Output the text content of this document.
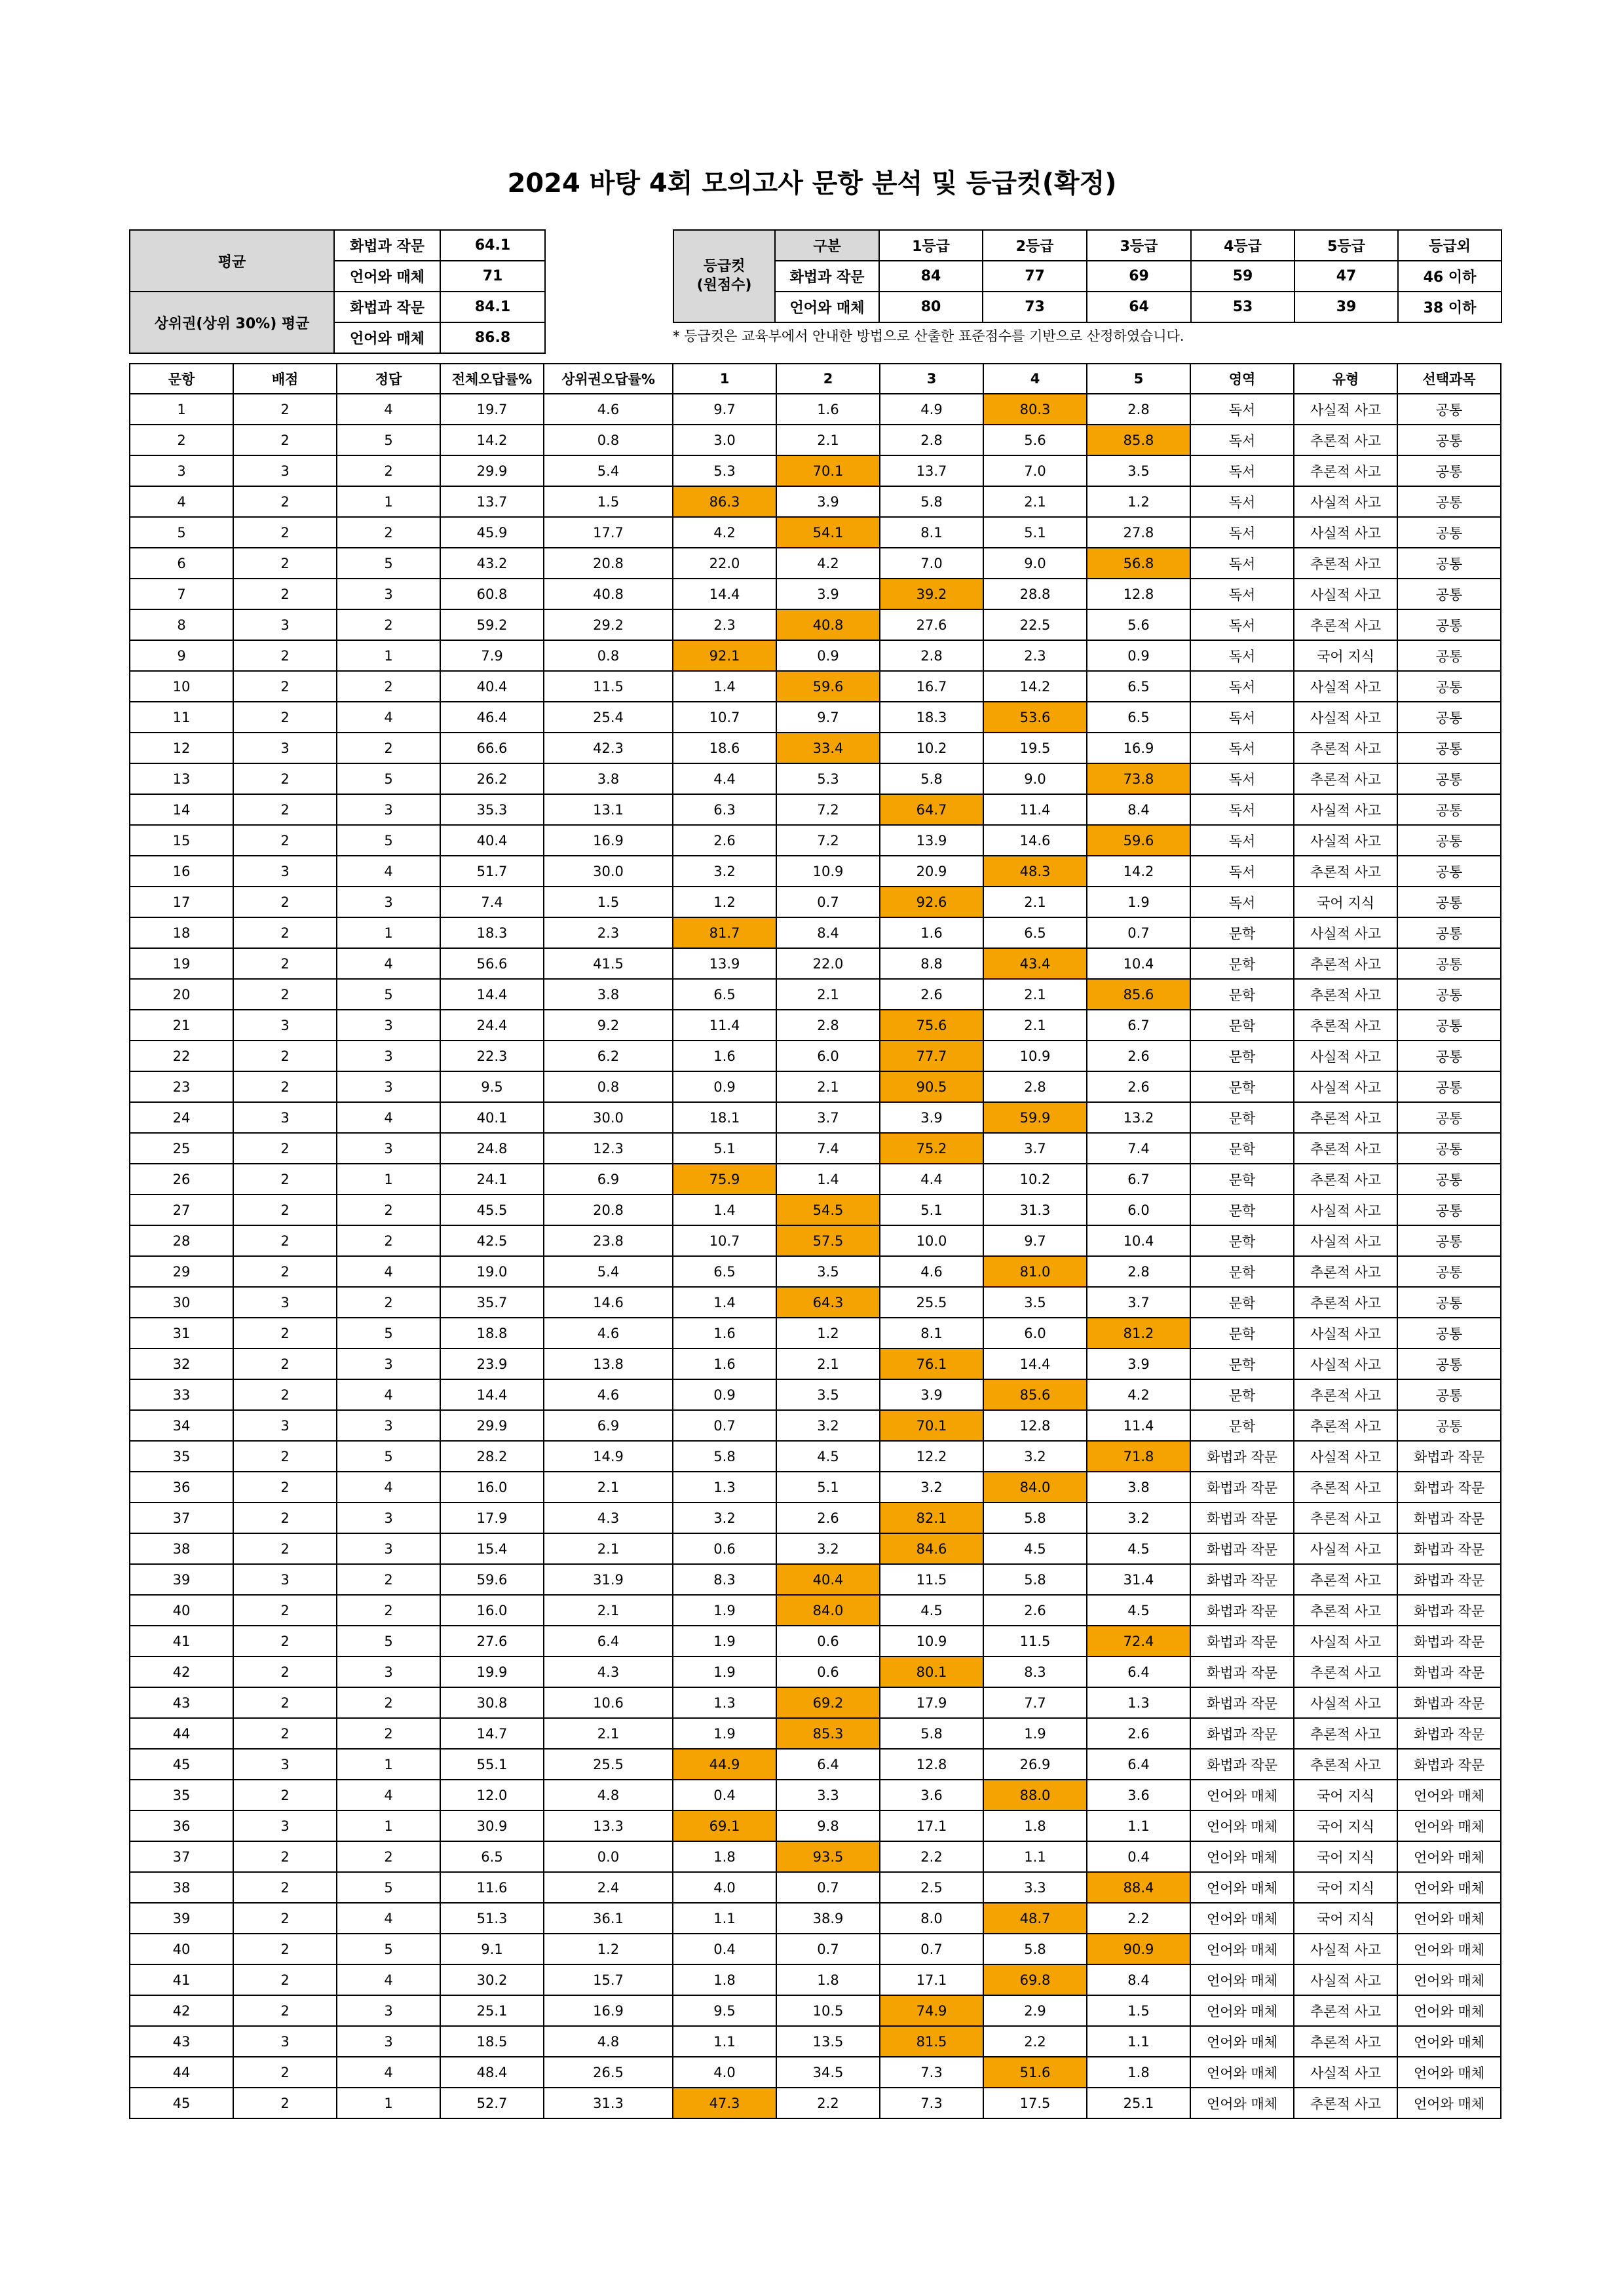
2024 바탕 4회 모의고사 문항 분석 및 등급컷(확정)
평균	화법과 작문	64.1
	언어와 매체	71
상위권(상위 30%) 평균	화법과 작문	84.1
	언어와 매체	86.8
등급컷
(원점수)	구분	1등급	2등급	3등급	4등급	5등급	등급외
	화법과 작문	84	77	69	59	47	46 이하
	언어와 매체	80	73	64	53	39	38 이하
* 등급컷은 교육부에서 안내한 방법으로 산출한 표준점수를 기반으로 산정하였습니다.
문항	배점	정답	전체오답률%	상위권오답률%	1	2	3	4	5	영역	유형	선택과목
1	2	4	19.7	4.6	9.7	1.6	4.9	80.3	2.8	독서	사실적 사고	공통
2	2	5	14.2	0.8	3.0	2.1	2.8	5.6	85.8	독서	추론적 사고	공통
3	3	2	29.9	5.4	5.3	70.1	13.7	7.0	3.5	독서	추론적 사고	공통
4	2	1	13.7	1.5	86.3	3.9	5.8	2.1	1.2	독서	사실적 사고	공통
5	2	2	45.9	17.7	4.2	54.1	8.1	5.1	27.8	독서	사실적 사고	공통
6	2	5	43.2	20.8	22.0	4.2	7.0	9.0	56.8	독서	추론적 사고	공통
7	2	3	60.8	40.8	14.4	3.9	39.2	28.8	12.8	독서	사실적 사고	공통
8	3	2	59.2	29.2	2.3	40.8	27.6	22.5	5.6	독서	추론적 사고	공통
9	2	1	7.9	0.8	92.1	0.9	2.8	2.3	0.9	독서	국어 지식	공통
10	2	2	40.4	11.5	1.4	59.6	16.7	14.2	6.5	독서	사실적 사고	공통
11	2	4	46.4	25.4	10.7	9.7	18.3	53.6	6.5	독서	사실적 사고	공통
12	3	2	66.6	42.3	18.6	33.4	10.2	19.5	16.9	독서	추론적 사고	공통
13	2	5	26.2	3.8	4.4	5.3	5.8	9.0	73.8	독서	추론적 사고	공통
14	2	3	35.3	13.1	6.3	7.2	64.7	11.4	8.4	독서	사실적 사고	공통
15	2	5	40.4	16.9	2.6	7.2	13.9	14.6	59.6	독서	사실적 사고	공통
16	3	4	51.7	30.0	3.2	10.9	20.9	48.3	14.2	독서	추론적 사고	공통
17	2	3	7.4	1.5	1.2	0.7	92.6	2.1	1.9	독서	국어 지식	공통
18	2	1	18.3	2.3	81.7	8.4	1.6	6.5	0.7	문학	사실적 사고	공통
19	2	4	56.6	41.5	13.9	22.0	8.8	43.4	10.4	문학	추론적 사고	공통
20	2	5	14.4	3.8	6.5	2.1	2.6	2.1	85.6	문학	추론적 사고	공통
21	3	3	24.4	9.2	11.4	2.8	75.6	2.1	6.7	문학	추론적 사고	공통
22	2	3	22.3	6.2	1.6	6.0	77.7	10.9	2.6	문학	사실적 사고	공통
23	2	3	9.5	0.8	0.9	2.1	90.5	2.8	2.6	문학	사실적 사고	공통
24	3	4	40.1	30.0	18.1	3.7	3.9	59.9	13.2	문학	추론적 사고	공통
25	2	3	24.8	12.3	5.1	7.4	75.2	3.7	7.4	문학	추론적 사고	공통
26	2	1	24.1	6.9	75.9	1.4	4.4	10.2	6.7	문학	추론적 사고	공통
27	2	2	45.5	20.8	1.4	54.5	5.1	31.3	6.0	문학	사실적 사고	공통
28	2	2	42.5	23.8	10.7	57.5	10.0	9.7	10.4	문학	사실적 사고	공통
29	2	4	19.0	5.4	6.5	3.5	4.6	81.0	2.8	문학	추론적 사고	공통
30	3	2	35.7	14.6	1.4	64.3	25.5	3.5	3.7	문학	추론적 사고	공통
31	2	5	18.8	4.6	1.6	1.2	8.1	6.0	81.2	문학	사실적 사고	공통
32	2	3	23.9	13.8	1.6	2.1	76.1	14.4	3.9	문학	사실적 사고	공통
33	2	4	14.4	4.6	0.9	3.5	3.9	85.6	4.2	문학	추론적 사고	공통
34	3	3	29.9	6.9	0.7	3.2	70.1	12.8	11.4	문학	추론적 사고	공통
35	2	5	28.2	14.9	5.8	4.5	12.2	3.2	71.8	화법과 작문	사실적 사고	화법과 작문
36	2	4	16.0	2.1	1.3	5.1	3.2	84.0	3.8	화법과 작문	추론적 사고	화법과 작문
37	2	3	17.9	4.3	3.2	2.6	82.1	5.8	3.2	화법과 작문	추론적 사고	화법과 작문
38	2	3	15.4	2.1	0.6	3.2	84.6	4.5	4.5	화법과 작문	사실적 사고	화법과 작문
39	3	2	59.6	31.9	8.3	40.4	11.5	5.8	31.4	화법과 작문	추론적 사고	화법과 작문
40	2	2	16.0	2.1	1.9	84.0	4.5	2.6	4.5	화법과 작문	추론적 사고	화법과 작문
41	2	5	27.6	6.4	1.9	0.6	10.9	11.5	72.4	화법과 작문	사실적 사고	화법과 작문
42	2	3	19.9	4.3	1.9	0.6	80.1	8.3	6.4	화법과 작문	추론적 사고	화법과 작문
43	2	2	30.8	10.6	1.3	69.2	17.9	7.7	1.3	화법과 작문	사실적 사고	화법과 작문
44	2	2	14.7	2.1	1.9	85.3	5.8	1.9	2.6	화법과 작문	추론적 사고	화법과 작문
45	3	1	55.1	25.5	44.9	6.4	12.8	26.9	6.4	화법과 작문	추론적 사고	화법과 작문
35	2	4	12.0	4.8	0.4	3.3	3.6	88.0	3.6	언어와 매체	국어 지식	언어와 매체
36	3	1	30.9	13.3	69.1	9.8	17.1	1.8	1.1	언어와 매체	국어 지식	언어와 매체
37	2	2	6.5	0.0	1.8	93.5	2.2	1.1	0.4	언어와 매체	국어 지식	언어와 매체
38	2	5	11.6	2.4	4.0	0.7	2.5	3.3	88.4	언어와 매체	국어 지식	언어와 매체
39	2	4	51.3	36.1	1.1	38.9	8.0	48.7	2.2	언어와 매체	국어 지식	언어와 매체
40	2	5	9.1	1.2	0.4	0.7	0.7	5.8	90.9	언어와 매체	사실적 사고	언어와 매체
41	2	4	30.2	15.7	1.8	1.8	17.1	69.8	8.4	언어와 매체	사실적 사고	언어와 매체
42	2	3	25.1	16.9	9.5	10.5	74.9	2.9	1.5	언어와 매체	추론적 사고	언어와 매체
43	3	3	18.5	4.8	1.1	13.5	81.5	2.2	1.1	언어와 매체	추론적 사고	언어와 매체
44	2	4	48.4	26.5	4.0	34.5	7.3	51.6	1.8	언어와 매체	사실적 사고	언어와 매체
45	2	1	52.7	31.3	47.3	2.2	7.3	17.5	25.1	언어와 매체	추론적 사고	언어와 매체
